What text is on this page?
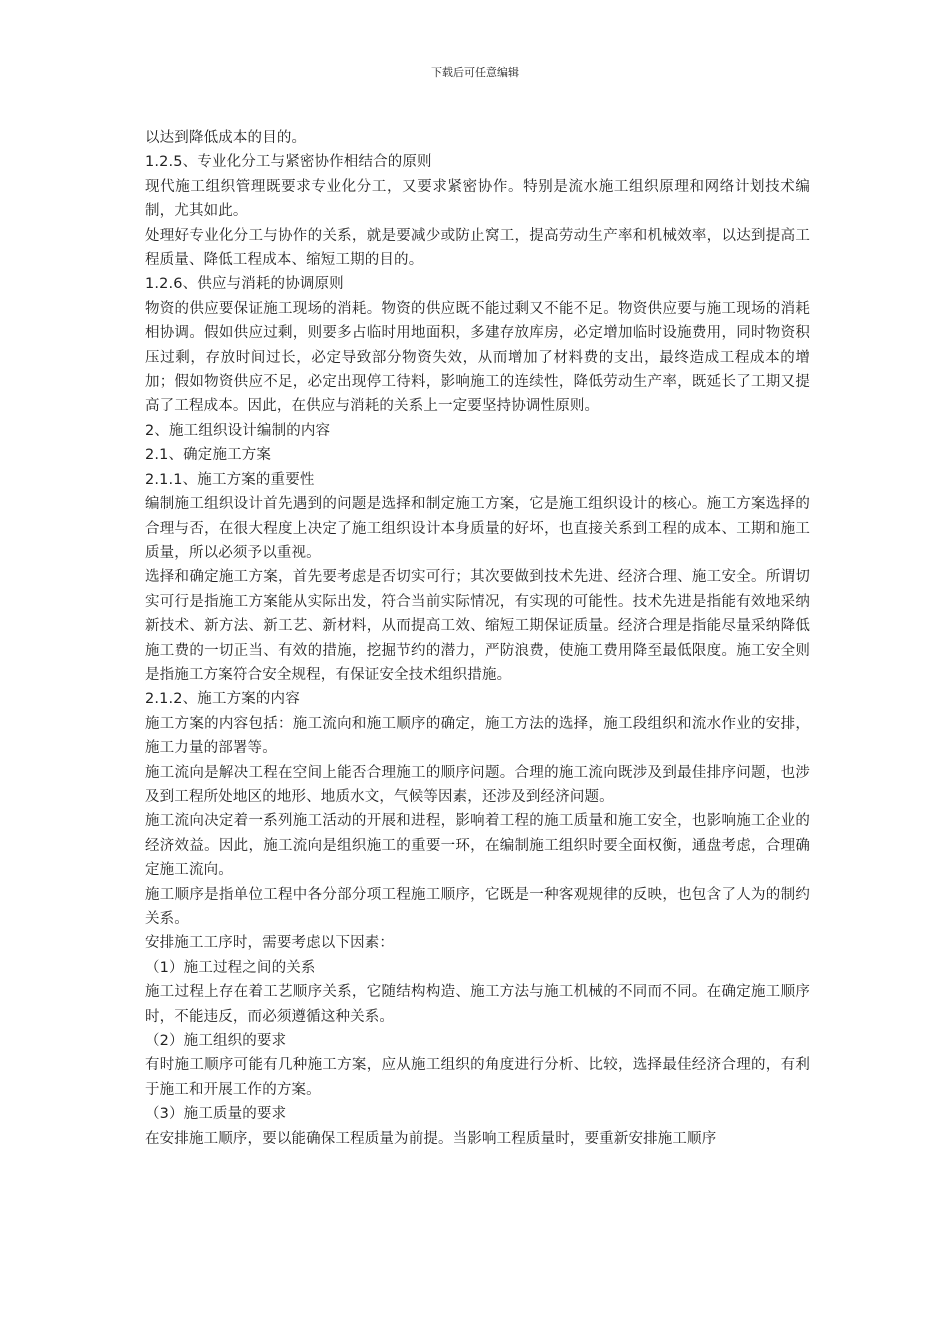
下载后可任意编辑

以达到降低成本的目的。

1.2.5、专业化分工与紧密协作相结合的原则

现代施工组织管理既要求专业化分工，又要求紧密协作。特别是流水施工组织原理和网络计划技术编制，尤其如此。

处理好专业化分工与协作的关系，就是要减少或防止窝工，提高劳动生产率和机械效率，以达到提高工程质量、降低工程成本、缩短工期的目的。

1.2.6、供应与消耗的协调原则

物资的供应要保证施工现场的消耗。物资的供应既不能过剩又不能不足。物资供应要与施工现场的消耗相协调。假如供应过剩，则要多占临时用地面积，多建存放库房，必定增加临时设施费用，同时物资积压过剩，存放时间过长，必定导致部分物资失效，从而增加了材料费的支出，最终造成工程成本的增加；假如物资供应不足，必定出现停工待料，影响施工的连续性，降低劳动生产率，既延长了工期又提高了工程成本。因此，在供应与消耗的关系上一定要坚持协调性原则。

2、施工组织设计编制的内容

2.1、确定施工方案

2.1.1、施工方案的重要性

编制施工组织设计首先遇到的问题是选择和制定施工方案，它是施工组织设计的核心。施工方案选择的合理与否，在很大程度上决定了施工组织设计本身质量的好坏，也直接关系到工程的成本、工期和施工质量，所以必须予以重视。

选择和确定施工方案，首先要考虑是否切实可行；其次要做到技术先进、经济合理、施工安全。所谓切实可行是指施工方案能从实际出发，符合当前实际情况，有实现的可能性。技术先进是指能有效地采纳新技术、新方法、新工艺、新材料，从而提高工效、缩短工期保证质量。经济合理是指能尽量采纳降低施工费的一切正当、有效的措施，挖掘节约的潜力，严防浪费，使施工费用降至最低限度。施工安全则是指施工方案符合安全规程，有保证安全技术组织措施。

2.1.2、施工方案的内容

施工方案的内容包括：施工流向和施工顺序的确定，施工方法的选择，施工段组织和流水作业的安排，施工力量的部署等。

施工流向是解决工程在空间上能否合理施工的顺序问题。合理的施工流向既涉及到最佳排序问题，也涉及到工程所处地区的地形、地质水文，气候等因素，还涉及到经济问题。

施工流向决定着一系列施工活动的开展和进程，影响着工程的施工质量和施工安全，也影响施工企业的经济效益。因此，施工流向是组织施工的重要一环，在编制施工组织时要全面权衡，通盘考虑，合理确定施工流向。

施工顺序是指单位工程中各分部分项工程施工顺序，它既是一种客观规律的反映，也包含了人为的制约关系。

安排施工工序时，需要考虑以下因素：

（1）施工过程之间的关系

施工过程上存在着工艺顺序关系，它随结构构造、施工方法与施工机械的不同而不同。在确定施工顺序时，不能违反，而必须遵循这种关系。

（2）施工组织的要求

有时施工顺序可能有几种施工方案，应从施工组织的角度进行分析、比较，选择最佳经济合理的，有利于施工和开展工作的方案。

（3）施工质量的要求

在安排施工顺序，要以能确保工程质量为前提。当影响工程质量时，要重新安排施工顺序
